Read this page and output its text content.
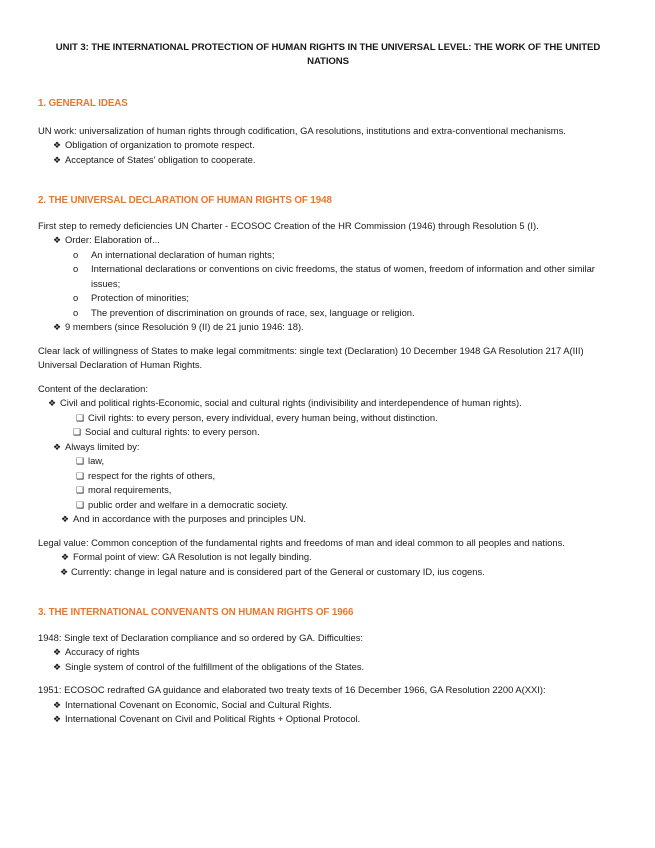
UNIT 3: THE INTERNATIONAL PROTECTION OF HUMAN RIGHTS IN THE UNIVERSAL LEVEL: THE WORK OF THE UNITED NATIONS

1. GENERAL IDEAS

UN work: universalization of human rights through codification, GA resolutions, institutions and extra-conventional mechanisms.

❖ Obligation of organization to promote respect.

❖ Acceptance of States' obligation to cooperate.

2. THE UNIVERSAL DECLARATION OF HUMAN RIGHTS OF 1948

First step to remedy deficiencies UN Charter - ECOSOC Creation of the HR Commission (1946) through Resolution 5 (I).

❖ Order: Elaboration of...

o An international declaration of human rights;

o International declarations or conventions on civic freedoms, the status of women, freedom of information and other similar issues;

o Protection of minorities;

o The prevention of discrimination on grounds of race, sex, language or religion.

❖ 9 members (since Resolución 9 (II) de 21 junio 1946: 18).

Clear lack of willingness of States to make legal commitments: single text (Declaration) 10 December 1948 GA Resolution 217 A(III) Universal Declaration of Human Rights.

Content of the declaration:

❖ Civil and political rights-Economic, social and cultural rights (indivisibility and interdependence of human rights).

❑ Civil rights: to every person, every individual, every human being, without distinction.

❑ Social and cultural rights: to every person.

❖ Always limited by:

❑ law,

❑ respect for the rights of others,

❑ moral requirements,

❑ public order and welfare in a democratic society.

❖ And in accordance with the purposes and principles UN.

Legal value: Common conception of the fundamental rights and freedoms of man and ideal common to all peoples and nations.

❖ Formal point of view: GA Resolution is not legally binding.

❖ Currently: change in legal nature and is considered part of the General or customary ID, ius cogens.

3. THE INTERNATIONAL CONVENANTS ON HUMAN RIGHTS OF 1966

1948: Single text of Declaration compliance and so ordered by GA. Difficulties:

❖ Accuracy of rights

❖ Single system of control of the fulfillment of the obligations of the States.

1951: ECOSOC redrafted GA guidance and elaborated two treaty texts of 16 December 1966, GA Resolution 2200 A(XXI):

❖ International Covenant on Economic, Social and Cultural Rights.

❖ International Covenant on Civil and Political Rights + Optional Protocol.
